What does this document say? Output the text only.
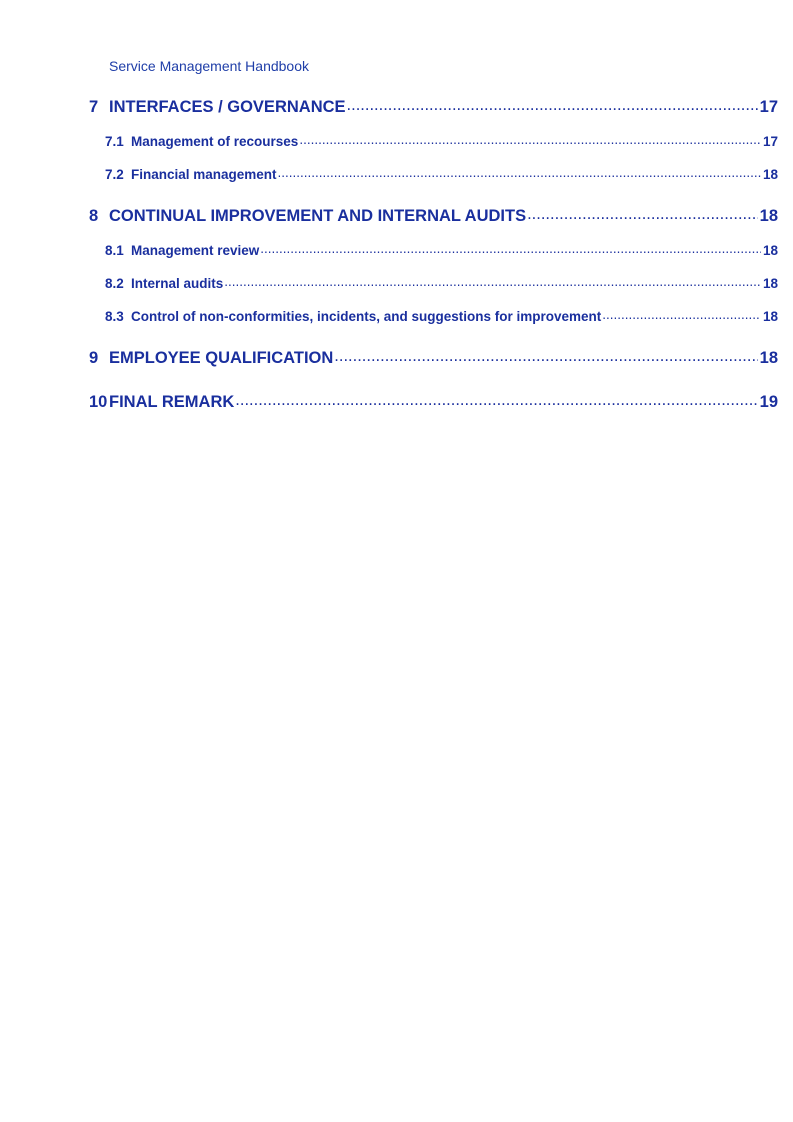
Service Management Handbook
7 INTERFACES / GOVERNANCE .....	17
7.1 Management of recourses .....	17
7.2 Financial management .....	18
8 CONTINUAL IMPROVEMENT AND INTERNAL AUDITS .....	18
8.1 Management review .....	18
8.2 Internal audits .....	18
8.3 Control of non-conformities, incidents, and suggestions for improvement .....	18
9 EMPLOYEE QUALIFICATION .....	18
10 FINAL REMARK .....	19
